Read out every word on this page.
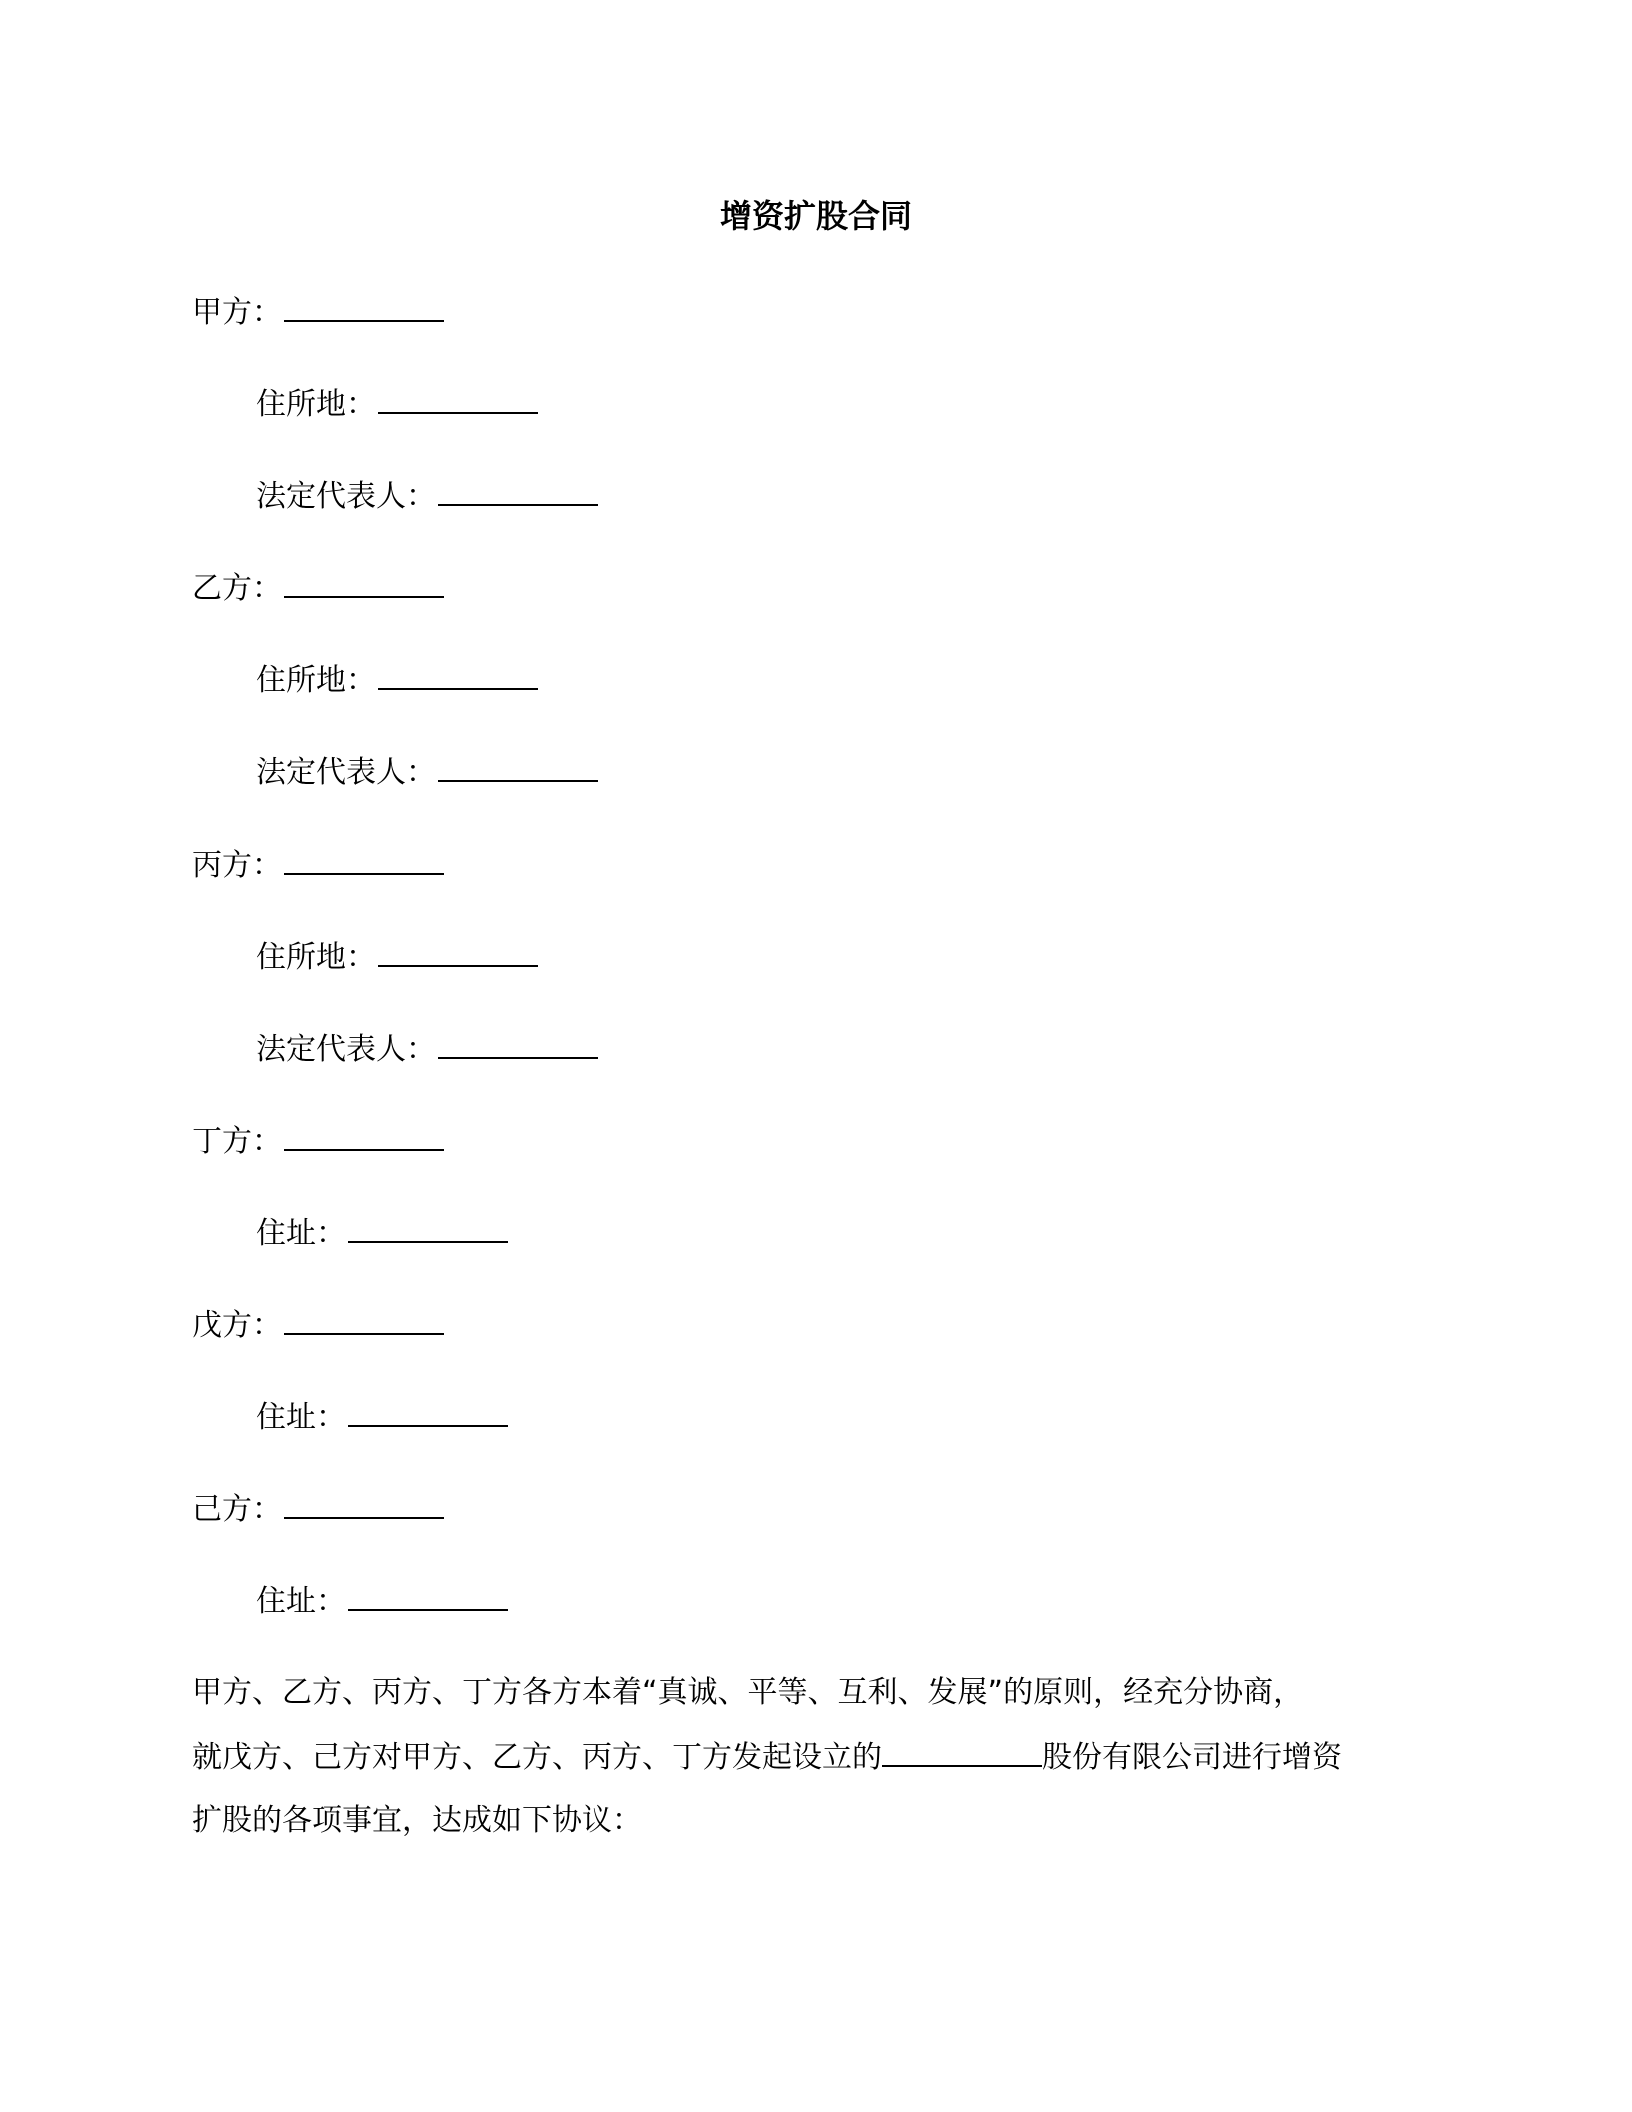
增资扩股合同
甲方：
住所地：
法定代表人：
乙方：
住所地：
法定代表人：
丙方：
住所地：
法定代表人：
丁方：
住址：
戊方：
住址：
己方：
住址：
甲方、乙方、丙方、丁方各方本着“真诚、平等、互利、发展”的原则，经充分协商，
就戊方、己方对甲方、乙方、丙方、丁方发起设立的	股份有限公司进行增资
扩股的各项事宜，达成如下协议：
